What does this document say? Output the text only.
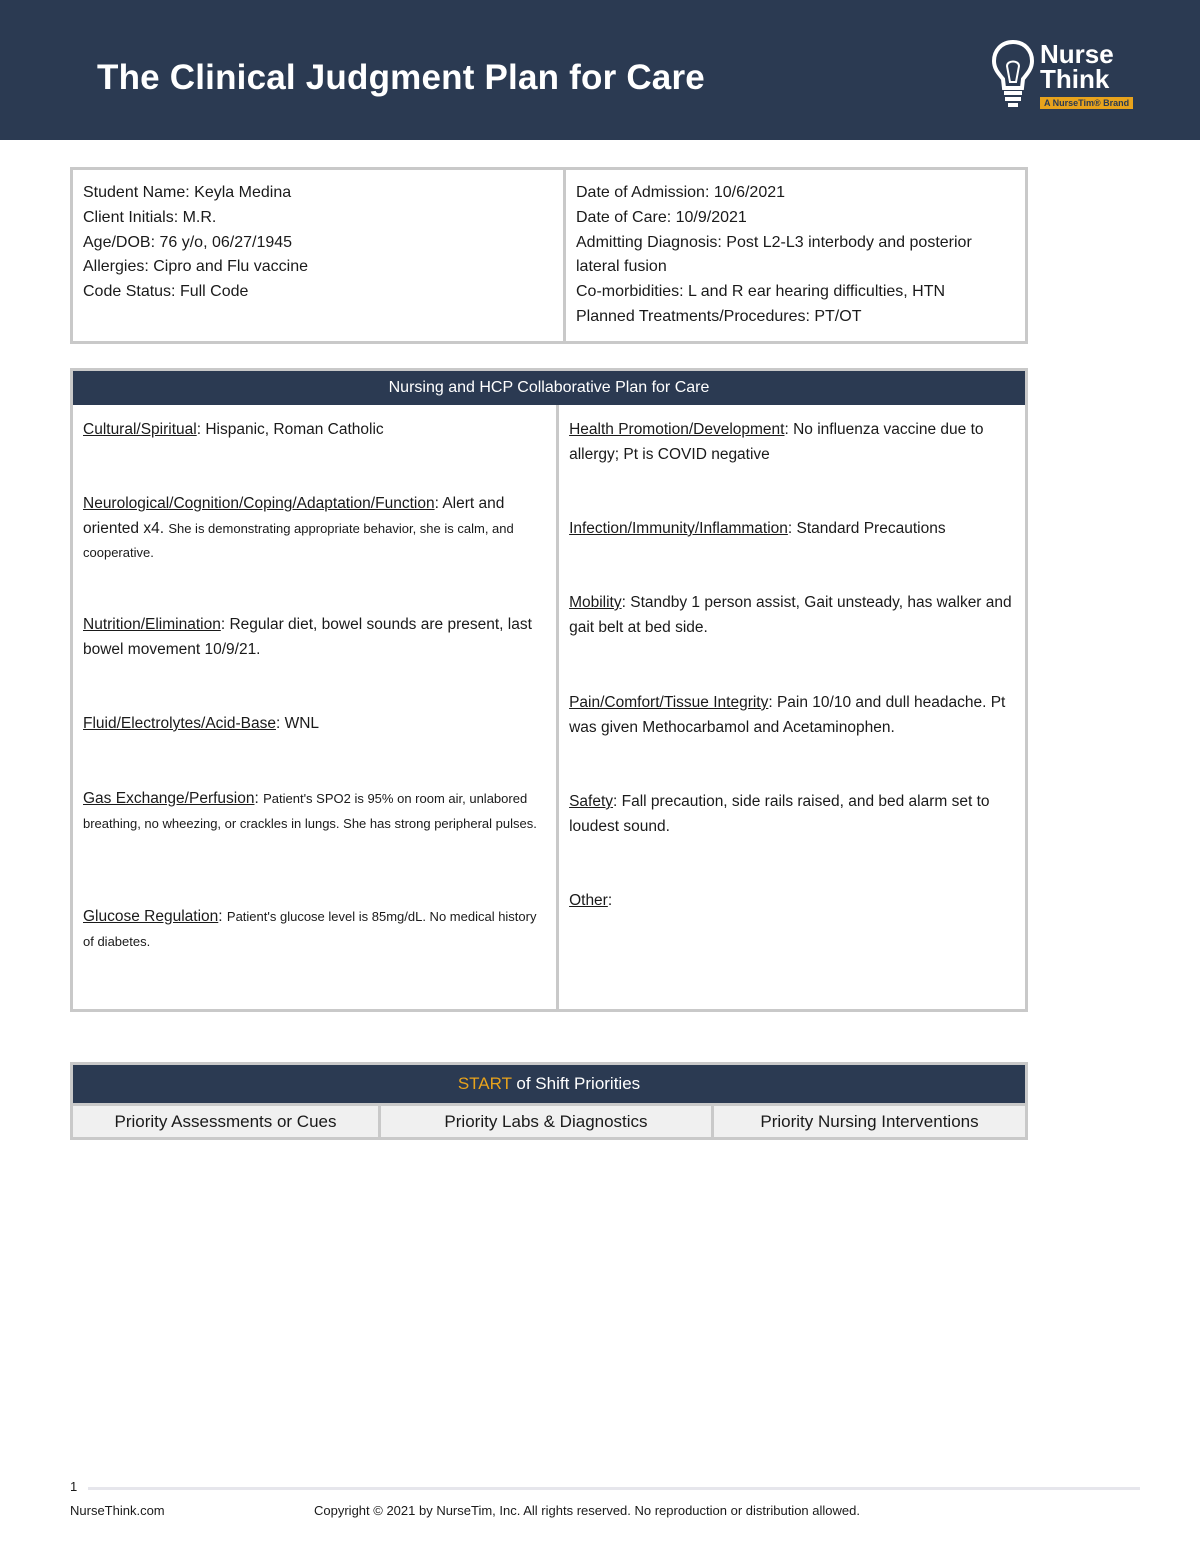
The Clinical Judgment Plan for Care
Nurse
Think
A NurseTim® Brand
Student Name: Keyla Medina
Client Initials: M.R.
Age/DOB: 76 y/o, 06/27/1945
Allergies: Cipro and Flu vaccine
Code Status: Full Code

Date of Admission: 10/6/2021
Date of Care: 10/9/2021
Admitting Diagnosis: Post L2-L3 interbody and posterior lateral fusion
Co-morbidities: L and R ear hearing difficulties, HTN
Planned Treatments/Procedures: PT/OT
Nursing and HCP Collaborative Plan for Care

Cultural/Spiritual: Hispanic, Roman Catholic
Neurological/Cognition/Coping/Adaptation/Function: Alert and oriented x4. She is demonstrating appropriate behavior, she is calm, and cooperative.
Nutrition/Elimination: Regular diet, bowel sounds are present, last bowel movement 10/9/21.
Fluid/Electrolytes/Acid-Base: WNL
Gas Exchange/Perfusion: Patient's SPO2 is 95% on room air, unlabored breathing, no wheezing, or crackles in lungs. She has strong peripheral pulses.
Glucose Regulation: Patient's glucose level is 85mg/dL. No medical history of diabetes.

Health Promotion/Development: No influenza vaccine due to allergy; Pt is COVID negative
Infection/Immunity/Inflammation: Standard Precautions
Mobility: Standby 1 person assist, Gait unsteady, has walker and gait belt at bed side.
Pain/Comfort/Tissue Integrity: Pain 10/10 and dull headache. Pt was given Methocarbamol and Acetaminophen.
Safety: Fall precaution, side rails raised, and bed alarm set to loudest sound.
Other:
START of Shift Priorities
Priority Assessments or Cues	Priority Labs & Diagnostics	Priority Nursing Interventions
1
NurseThink.com	Copyright © 2021 by NurseTim, Inc. All rights reserved. No reproduction or distribution allowed.
